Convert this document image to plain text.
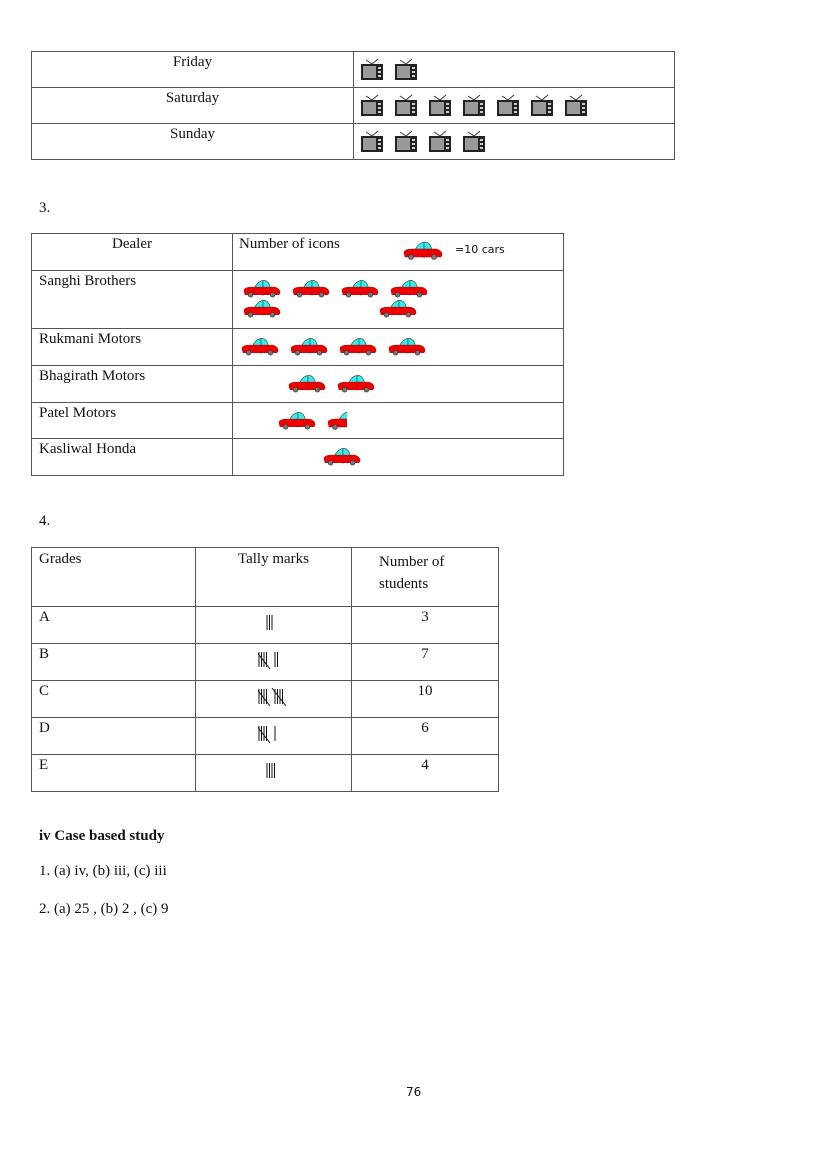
Friday	
Saturday	
Sunday	
3.
Dealer	Number of icons =10 cars

Sanghi Brothers	

Rukmani Motors	

Bhagirath Motors	

Patel Motors	

Kasliwal Honda	
4.
Grades	Tally marks	Number of
students
A		3
B		7
C		10
D		6
E		4
iv Case based study
1. (a) iv, (b) iii, (c) iii
2. (a) 25 , (b) 2 , (c) 9
76
